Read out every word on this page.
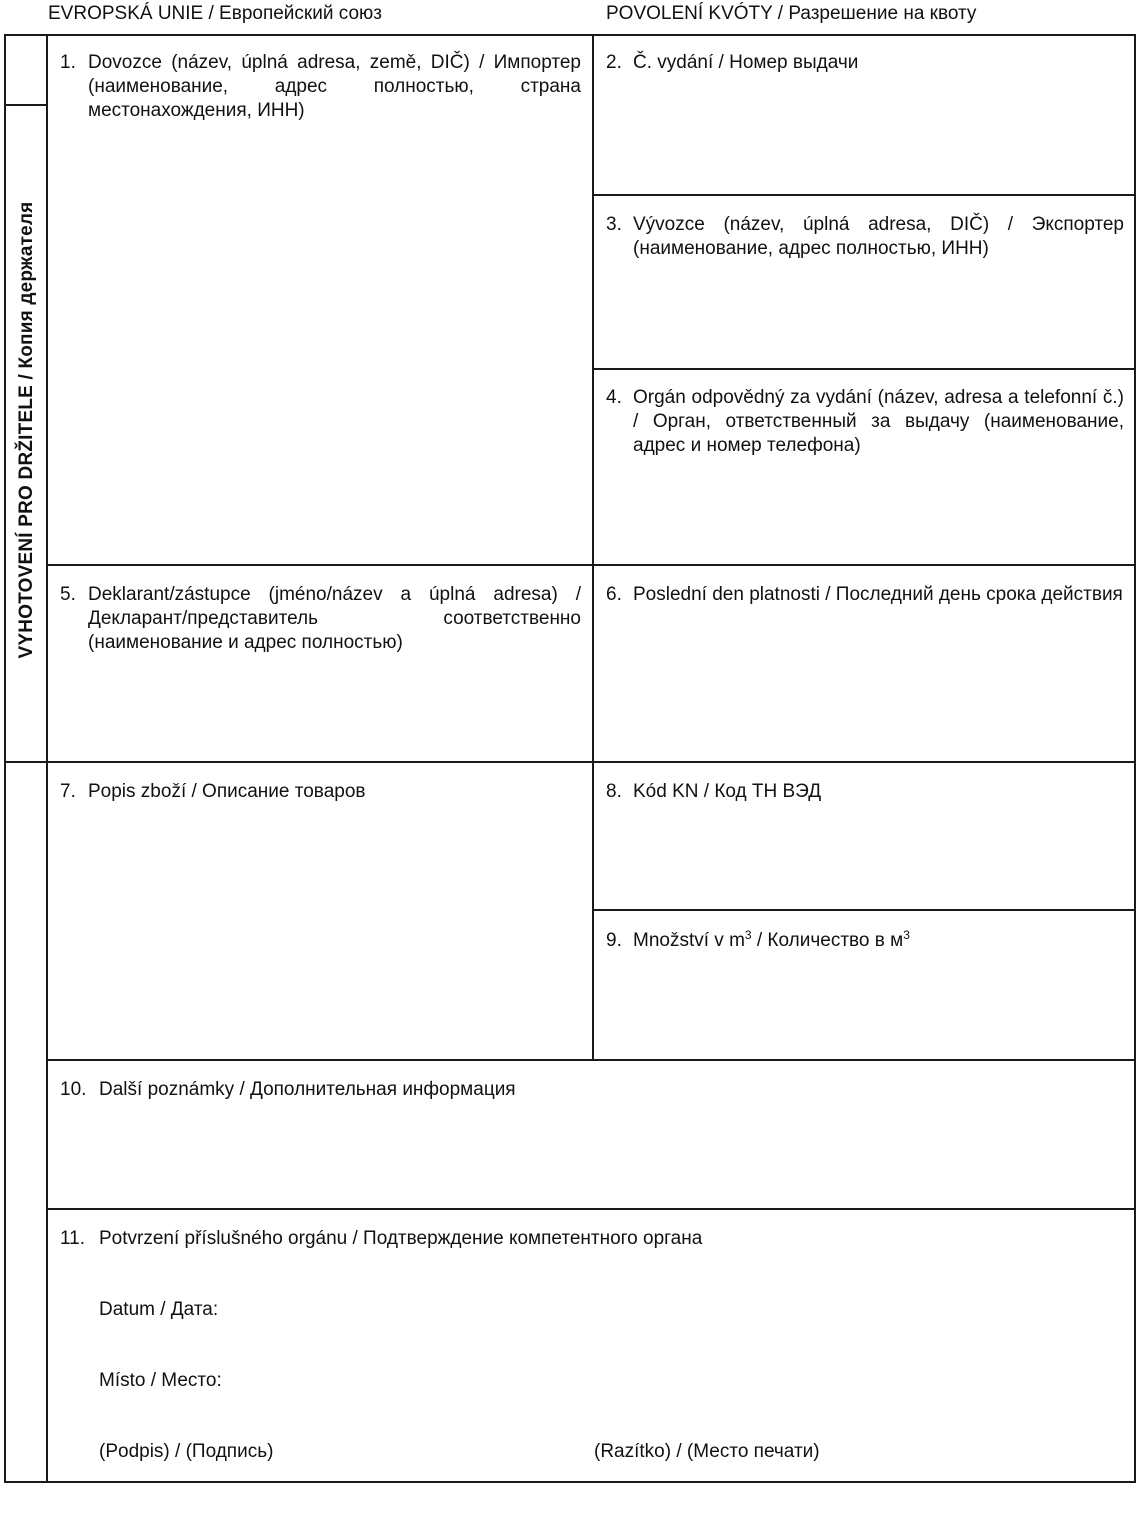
EVROPSKÁ UNIE / Европейский союз	POVOLENÍ KVÓTY / Разрешение на квоту
VYHOTOVENÍ PRO DRŽITELE / Копия держателя
1. Dovozce (název, úplná adresa, země, DIČ) / Импортер (наименование, адрес полностью, страна местонахождения, ИНН)
2. Č. vydání / Номер выдачи
3. Vývozce (název, úplná adresa, DIČ) / Экспортер (наименование, адрес полностью, ИНН)
4. Orgán odpovědný za vydání (název, adresa a telefonní č.) / Орган, ответственный за выдачу (наименование, адрес и номер телефона)
5. Deklarant/zástupce (jméno/název a úplná adresa) / Декларант/представитель соответственно (наименование и адрес полностью)
6. Poslední den platnosti / Последний день срока действия
7. Popis zboží / Описание товаров	8. Kód KN / Код ТН ВЭД
9. Množství v $m^3$ / Количество в $м^3$
10. Další poznámky / Дополнительная информация
11. Potvrzení příslušného orgánu / Подтверждение компетентного органа
Datum / Дата:
Místo / Место:
(Podpis) / (Подпись)	(Razítko) / (Место печати)
